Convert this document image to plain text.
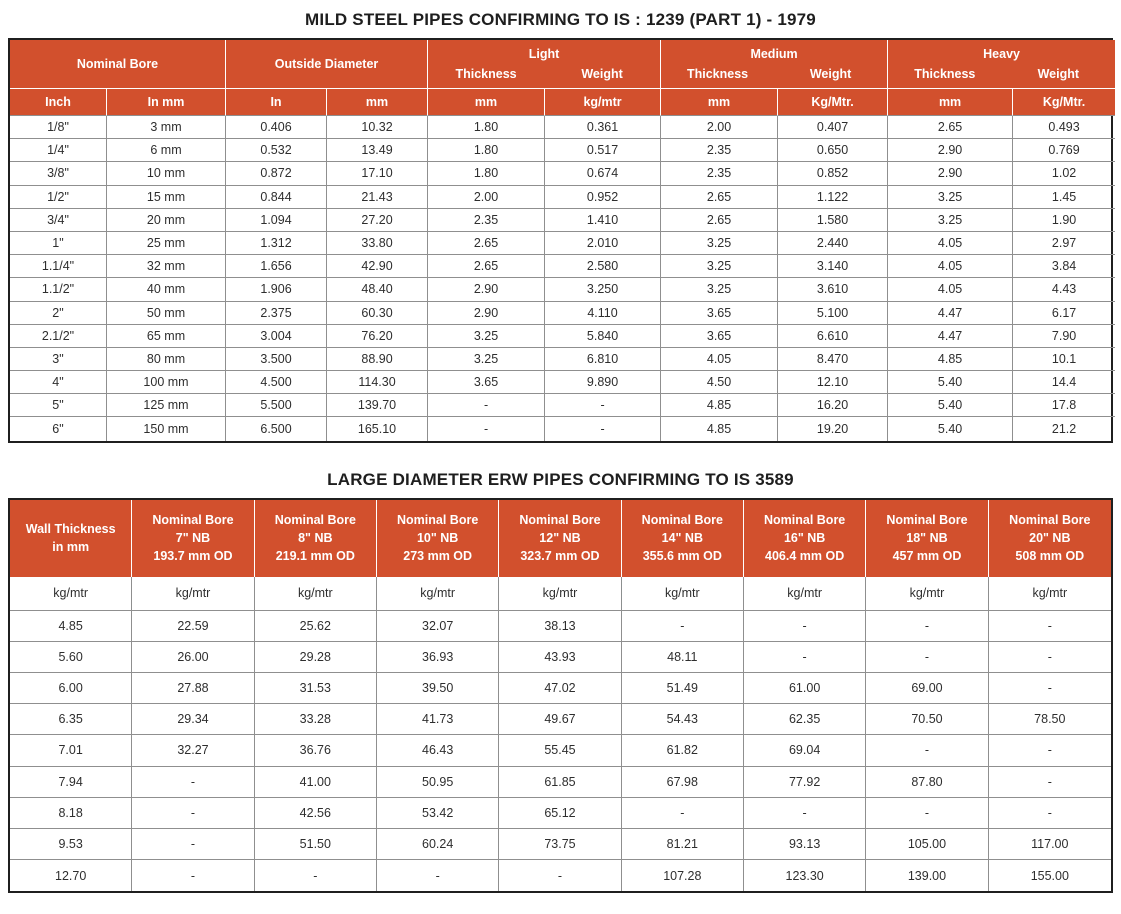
MILD STEEL PIPES CONFIRMING TO IS : 1239 (PART 1) - 1979
Nominal Bore	Outside Diameter

Light
Thickness	Weight

Medium
Thickness	Weight

Heavy
Thickness	Weight

Inch	In mm	In	mm	mm	kg/mtr	mm	Kg/Mtr.	mm	Kg/Mtr.
1/8"	3 mm	0.406	10.32	1.80	0.361	2.00	0.407	2.65	0.493
1/4"	6 mm	0.532	13.49	1.80	0.517	2.35	0.650	2.90	0.769
3/8"	10 mm	0.872	17.10	1.80	0.674	2.35	0.852	2.90	1.02
1/2"	15 mm	0.844	21.43	2.00	0.952	2.65	1.122	3.25	1.45
3/4"	20 mm	1.094	27.20	2.35	1.410	2.65	1.580	3.25	1.90
1"	25 mm	1.312	33.80	2.65	2.010	3.25	2.440	4.05	2.97
1.1/4"	32 mm	1.656	42.90	2.65	2.580	3.25	3.140	4.05	3.84
1.1/2"	40 mm	1.906	48.40	2.90	3.250	3.25	3.610	4.05	4.43
2"	50 mm	2.375	60.30	2.90	4.110	3.65	5.100	4.47	6.17
2.1/2"	65 mm	3.004	76.20	3.25	5.840	3.65	6.610	4.47	7.90
3"	80 mm	3.500	88.90	3.25	6.810	4.05	8.470	4.85	10.1
4"	100 mm	4.500	114.30	3.65	9.890	4.50	12.10	5.40	14.4
5"	125 mm	5.500	139.70	-	-	4.85	16.20	5.40	17.8
6"	150 mm	6.500	165.10	-	-	4.85	19.20	5.40	21.2
LARGE DIAMETER ERW PIPES CONFIRMING TO IS 3589
Wall Thickness
in mm

Nominal Bore
7" NB
193.7 mm OD

Nominal Bore
8" NB
219.1 mm OD

Nominal Bore
10" NB
273 mm OD

Nominal Bore
12" NB
323.7 mm OD

Nominal Bore
14" NB
355.6 mm OD

Nominal Bore
16" NB
406.4 mm OD

Nominal Bore
18" NB
457 mm OD

Nominal Bore
20" NB
508 mm OD

kg/mtr	kg/mtr	kg/mtr	kg/mtr	kg/mtr	kg/mtr	kg/mtr	kg/mtr	kg/mtr
4.85	22.59	25.62	32.07	38.13	-	-	-	-
5.60	26.00	29.28	36.93	43.93	48.11	-	-	-
6.00	27.88	31.53	39.50	47.02	51.49	61.00	69.00	-
6.35	29.34	33.28	41.73	49.67	54.43	62.35	70.50	78.50
7.01	32.27	36.76	46.43	55.45	61.82	69.04	-	-
7.94	-	41.00	50.95	61.85	67.98	77.92	87.80	-
8.18	-	42.56	53.42	65.12	-	-	-	-
9.53	-	51.50	60.24	73.75	81.21	93.13	105.00	117.00
12.70	-	-	-	-	107.28	123.30	139.00	155.00
